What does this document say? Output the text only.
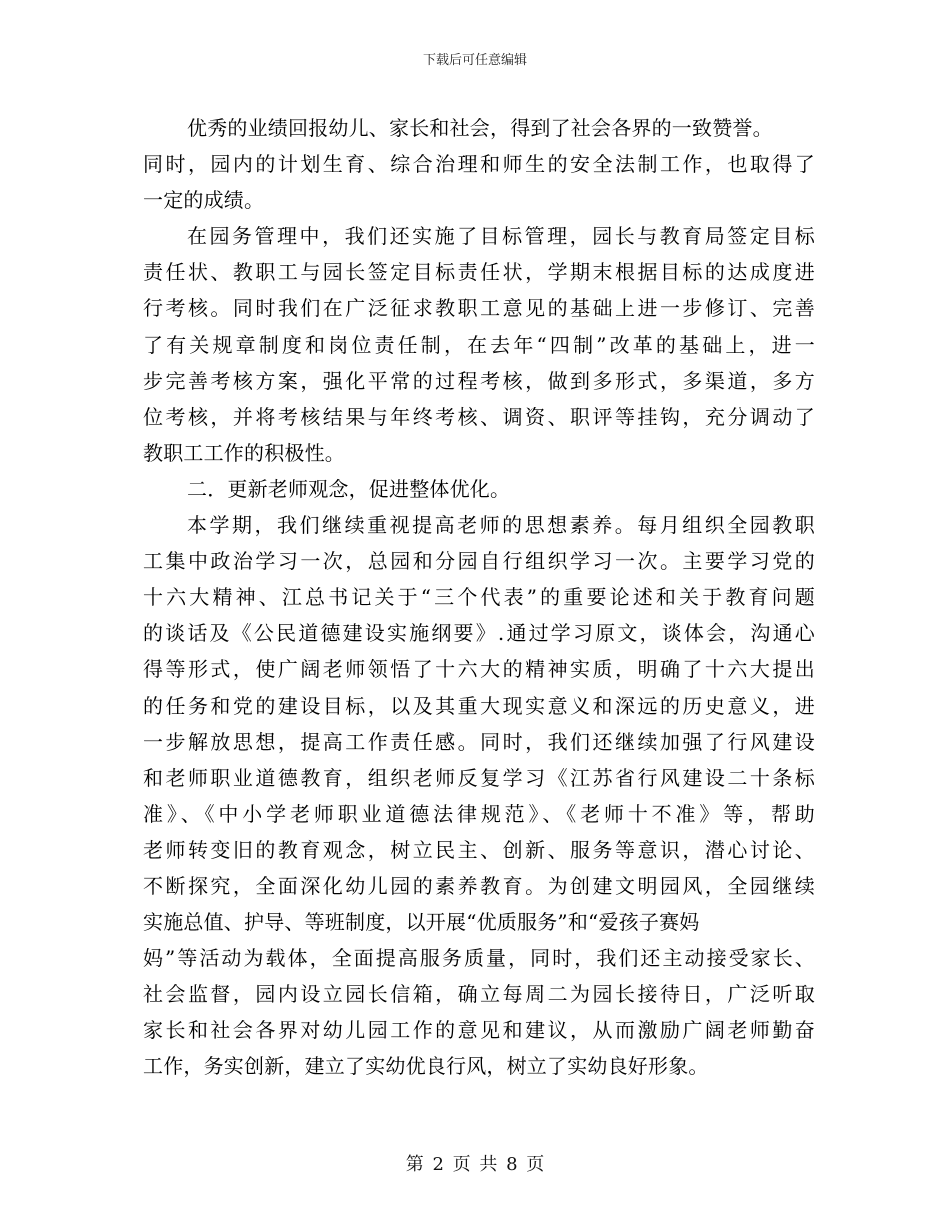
下载后可任意编辑
优秀的业绩回报幼儿、家长和社会，得到了社会各界的一致赞誉。
同时，园内的计划生育、综合治理和师生的安全法制工作，也取得了
一定的成绩。
在园务管理中，我们还实施了目标管理，园长与教育局签定目标
责任状、教职工与园长签定目标责任状，学期末根据目标的达成度进
行考核。同时我们在广泛征求教职工意见的基础上进一步修订、完善
了有关规章制度和岗位责任制，在去年“四制”改革的基础上，进一
步完善考核方案，强化平常的过程考核，做到多形式，多渠道，多方
位考核，并将考核结果与年终考核、调资、职评等挂钩，充分调动了
教职工工作的积极性。
二．更新老师观念，促进整体优化。
本学期，我们继续重视提高老师的思想素养。每月组织全园教职
工集中政治学习一次，总园和分园自行组织学习一次。主要学习党的
十六大精神、江总书记关于“三个代表”的重要论述和关于教育问题
的谈话及《公民道德建设实施纲要》.通过学习原文，谈体会，沟通心
得等形式，使广阔老师领悟了十六大的精神实质，明确了十六大提出
的任务和党的建设目标，以及其重大现实意义和深远的历史意义，进
一步解放思想，提高工作责任感。同时，我们还继续加强了行风建设
和老师职业道德教育，组织老师反复学习《江苏省行风建设二十条标
准》、《中小学老师职业道德法律规范》、《老师十不准》等，帮助
老师转变旧的教育观念，树立民主、创新、服务等意识，潜心讨论、
不断探究，全面深化幼儿园的素养教育。为创建文明园风，全园继续
实施总值、护导、等班制度，以开展“优质服务”和“爱孩子赛妈
妈”等活动为载体，全面提高服务质量，同时，我们还主动接受家长、
社会监督，园内设立园长信箱，确立每周二为园长接待日，广泛听取
家长和社会各界对幼儿园工作的意见和建议，从而激励广阔老师勤奋
工作，务实创新，建立了实幼优良行风，树立了实幼良好形象。
第 2 页 共 8 页
